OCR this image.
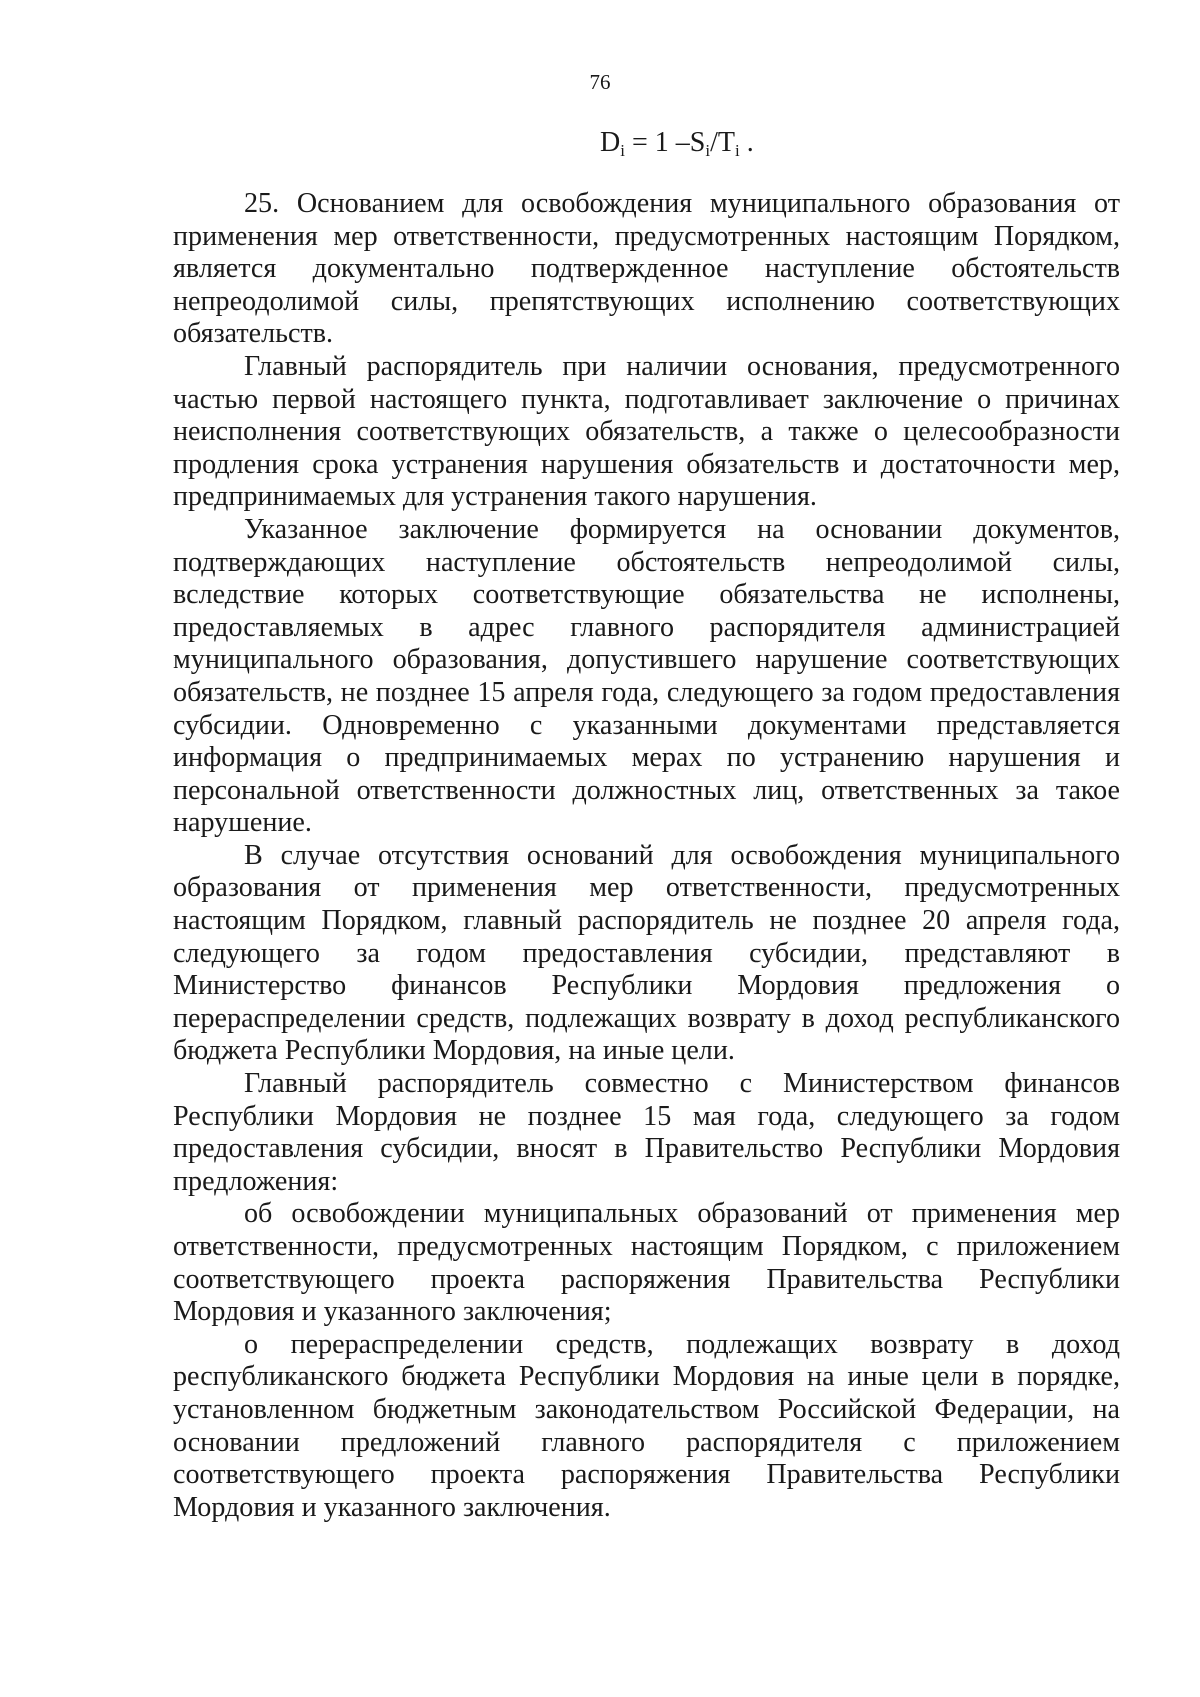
76
$D_i = 1$ $-S_i/T_i$ .

25. Основанием для освобождения муниципального образования от применения мер ответственности, предусмотренных настоящим Порядком, является документально подтвержденное наступление обстоятельств непреодолимой силы, препятствующих исполнению соответствующих обязательств.

Главный распорядитель при наличии основания, предусмотренного частью первой настоящего пункта, подготавливает заключение о причинах неисполнения соответствующих обязательств, а также о целесообразности продления срока устранения нарушения обязательств и достаточности мер, предпринимаемых для устранения такого нарушения.

Указанное заключение формируется на основании документов, подтверждающих наступление обстоятельств непреодолимой силы, вследствие которых соответствующие обязательства не исполнены, предоставляемых в адрес главного распорядителя администрацией муниципального образования, допустившего нарушение соответствующих обязательств, не позднее 15 апреля года, следующего за годом предоставления субсидии. Одновременно с указанными документами представляется информация о предпринимаемых мерах по устранению нарушения и персональной ответственности должностных лиц, ответственных за такое нарушение.

В случае отсутствия оснований для освобождения муниципального образования от применения мер ответственности, предусмотренных настоящим Порядком, главный распорядитель не позднее 20 апреля года, следующего за годом предоставления субсидии, представляют в Министерство финансов Республики Мордовия предложения о перераспределении средств, подлежащих возврату в доход республиканского бюджета Республики Мордовия, на иные цели.

Главный распорядитель совместно с Министерством финансов Республики Мордовия не позднее 15 мая года, следующего за годом предоставления субсидии, вносят в Правительство Республики Мордовия предложения:

об освобождении муниципальных образований от применения мер ответственности, предусмотренных настоящим Порядком, с приложением соответствующего проекта распоряжения Правительства Республики Мордовия и указанного заключения;

о перераспределении средств, подлежащих возврату в доход республиканского бюджета Республики Мордовия на иные цели в порядке, установленном бюджетным законодательством Российской Федерации, на основании предложений главного распорядителя с приложением соответствующего проекта распоряжения Правительства Республики Мордовия и указанного заключения.
